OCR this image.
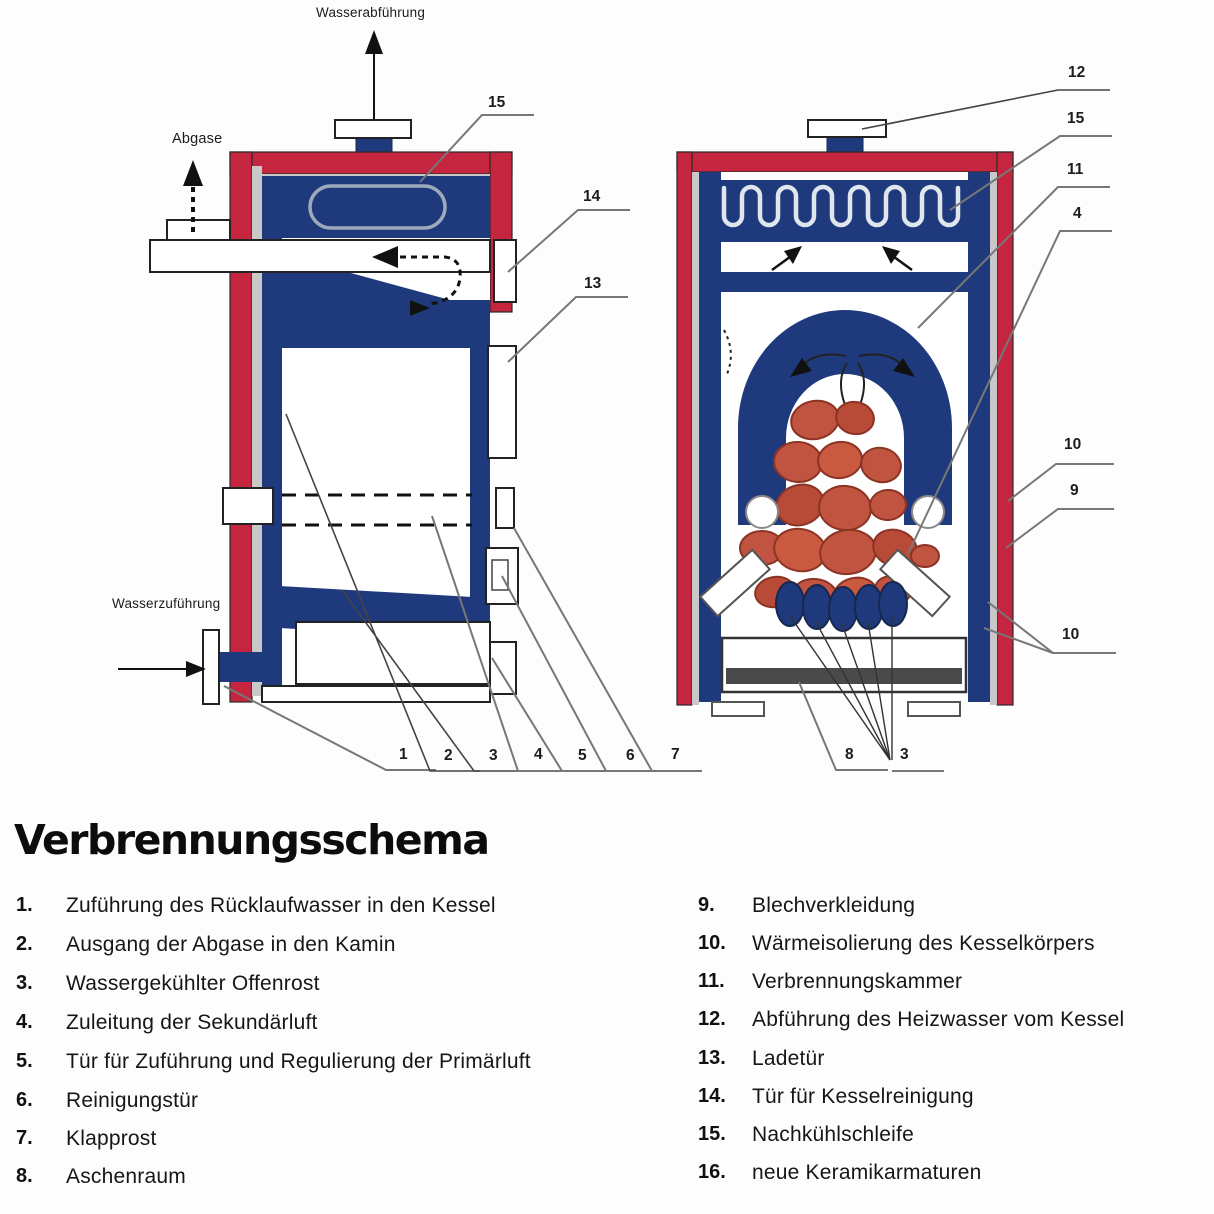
Wasserabführung
Abgase
Wasserzuführung
15
14
13
1 2 3 4 5	6 7
12
15
11
4
10
9
10
8	3
Verbrennungsschema
1.	Zuführung des Rücklaufwasser in den Kessel
2.	Ausgang der Abgase in den Kamin
3.	Wassergekühlter Offenrost
4.	Zuleitung der Sekundärluft
5.	Tür für Zuführung und Regulierung der Primärluft
6.	Reinigungstür
7.	Klapprost
8.	Aschenraum
9.	Blechverkleidung
10.	Wärmeisolierung des Kesselkörpers
11.	Verbrennungskammer
12.	Abführung des Heizwasser vom Kessel
13.	Ladetür
14.	Tür für Kesselreinigung
15.	Nachkühlschleife
16.	neue Keramikarmaturen
